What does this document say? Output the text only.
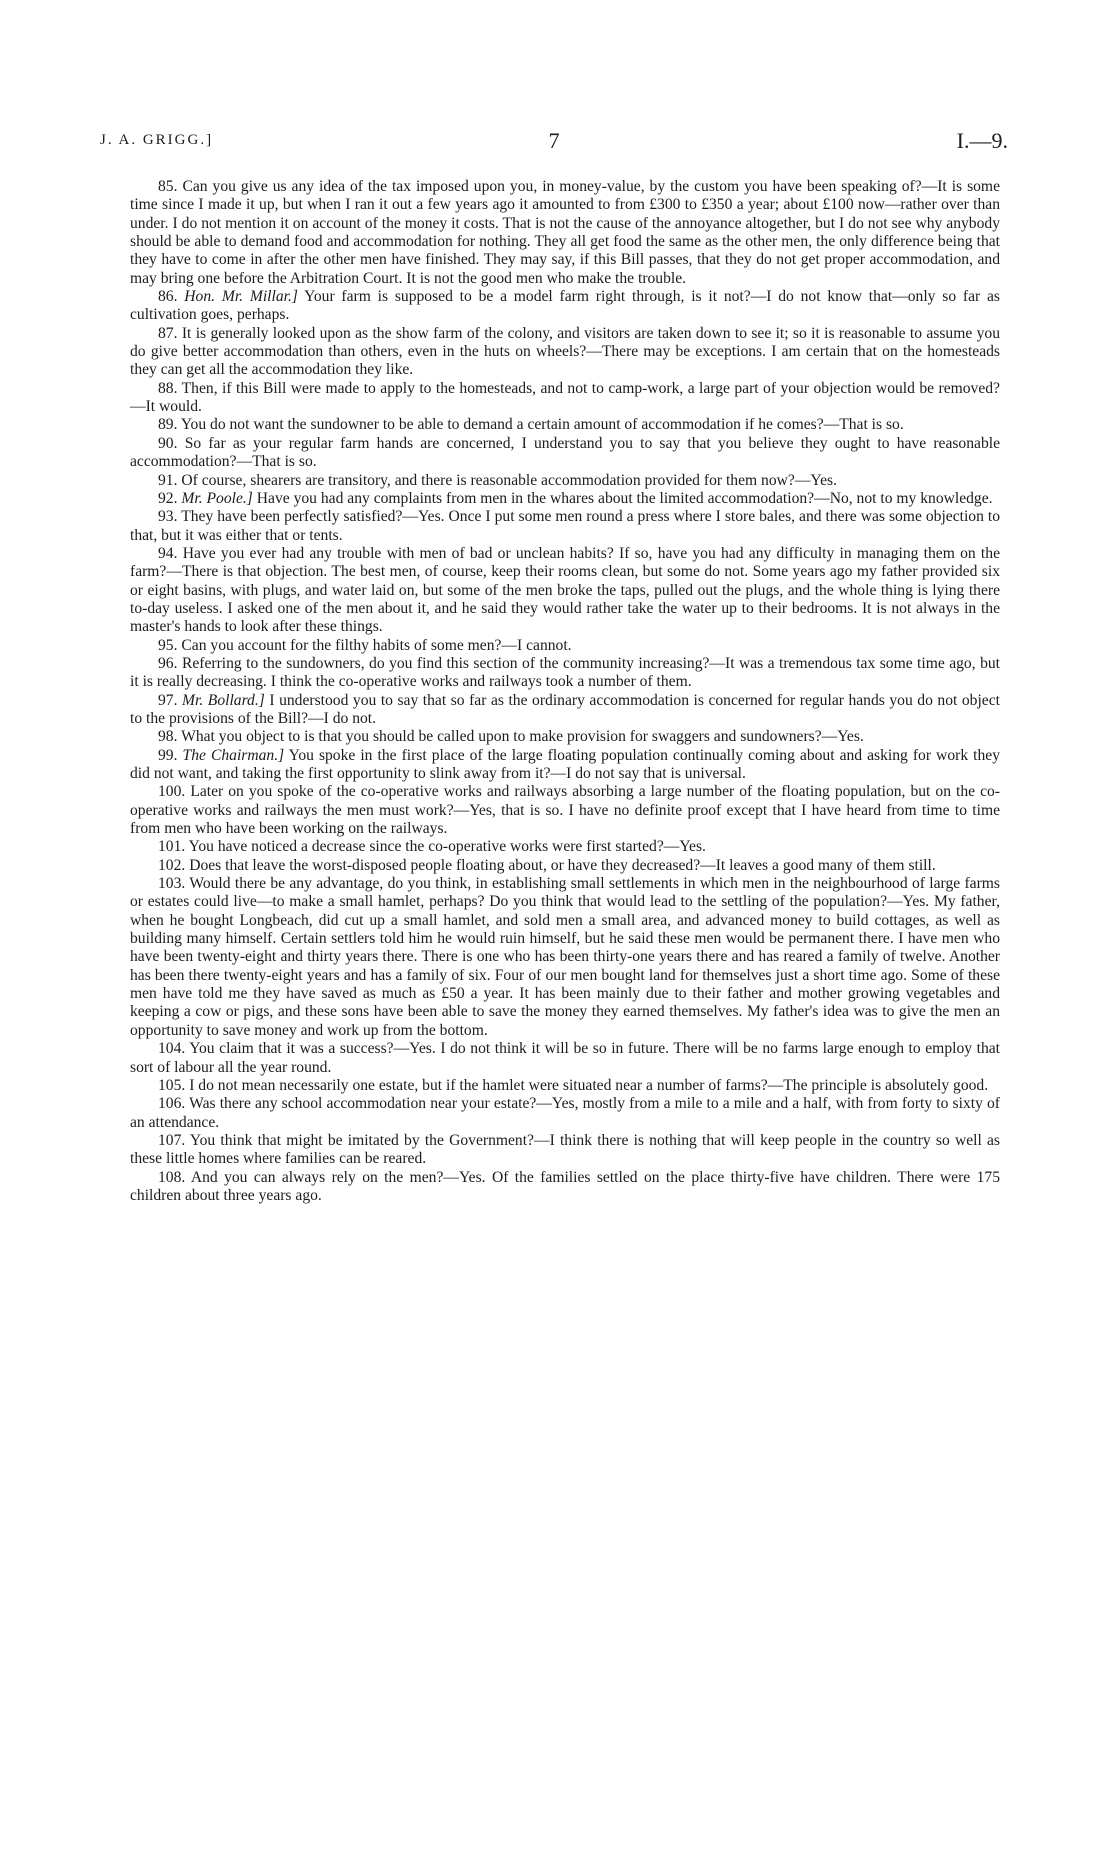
J. A. GRIGG.]	7	I.—9.

85. Can you give us any idea of the tax imposed upon you, in money-value, by the custom you have been speaking of?—It is some time since I made it up, but when I ran it out a few years ago it amounted to from £300 to £350 a year; about £100 now—rather over than under. I do not mention it on account of the money it costs. That is not the cause of the annoyance altogether, but I do not see why anybody should be able to demand food and accommodation for nothing. They all get food the same as the other men, the only difference being that they have to come in after the other men have finished. They may say, if this Bill passes, that they do not get proper accommodation, and may bring one before the Arbitration Court. It is not the good men who make the trouble.

86. Hon. Mr. Millar.] Your farm is supposed to be a model farm right through, is it not?—I do not know that—only so far as cultivation goes, perhaps.

87. It is generally looked upon as the show farm of the colony, and visitors are taken down to see it; so it is reasonable to assume you do give better accommodation than others, even in the huts on wheels?—There may be exceptions. I am certain that on the homesteads they can get all the accommodation they like.

88. Then, if this Bill were made to apply to the homesteads, and not to camp-work, a large part of your objection would be removed?—It would.

89. You do not want the sundowner to be able to demand a certain amount of accommodation if he comes?—That is so.

90. So far as your regular farm hands are concerned, I understand you to say that you believe they ought to have reasonable accommodation?—That is so.

91. Of course, shearers are transitory, and there is reasonable accommodation provided for them now?—Yes.

92. Mr. Poole.] Have you had any complaints from men in the whares about the limited accommodation?—No, not to my knowledge.

93. They have been perfectly satisfied?—Yes. Once I put some men round a press where I store bales, and there was some objection to that, but it was either that or tents.

94. Have you ever had any trouble with men of bad or unclean habits? If so, have you had any difficulty in managing them on the farm?—There is that objection. The best men, of course, keep their rooms clean, but some do not. Some years ago my father provided six or eight basins, with plugs, and water laid on, but some of the men broke the taps, pulled out the plugs, and the whole thing is lying there to-day useless. I asked one of the men about it, and he said they would rather take the water up to their bedrooms. It is not always in the master's hands to look after these things.

95. Can you account for the filthy habits of some men?—I cannot.

96. Referring to the sundowners, do you find this section of the community increasing?—It was a tremendous tax some time ago, but it is really decreasing. I think the co-operative works and railways took a number of them.

97. Mr. Bollard.] I understood you to say that so far as the ordinary accommodation is concerned for regular hands you do not object to the provisions of the Bill?—I do not.

98. What you object to is that you should be called upon to make provision for swaggers and sundowners?—Yes.

99. The Chairman.] You spoke in the first place of the large floating population continually coming about and asking for work they did not want, and taking the first opportunity to slink away from it?—I do not say that is universal.

100. Later on you spoke of the co-operative works and railways absorbing a large number of the floating population, but on the co-operative works and railways the men must work?—Yes, that is so. I have no definite proof except that I have heard from time to time from men who have been working on the railways.

101. You have noticed a decrease since the co-operative works were first started?—Yes.

102. Does that leave the worst-disposed people floating about, or have they decreased?—It leaves a good many of them still.

103. Would there be any advantage, do you think, in establishing small settlements in which men in the neighbourhood of large farms or estates could live—to make a small hamlet, perhaps? Do you think that would lead to the settling of the population?—Yes. My father, when he bought Longbeach, did cut up a small hamlet, and sold men a small area, and advanced money to build cottages, as well as building many himself. Certain settlers told him he would ruin himself, but he said these men would be permanent there. I have men who have been twenty-eight and thirty years there. There is one who has been thirty-one years there and has reared a family of twelve. Another has been there twenty-eight years and has a family of six. Four of our men bought land for themselves just a short time ago. Some of these men have told me they have saved as much as £50 a year. It has been mainly due to their father and mother growing vegetables and keeping a cow or pigs, and these sons have been able to save the money they earned themselves. My father's idea was to give the men an opportunity to save money and work up from the bottom.

104. You claim that it was a success?—Yes. I do not think it will be so in future. There will be no farms large enough to employ that sort of labour all the year round.

105. I do not mean necessarily one estate, but if the hamlet were situated near a number of farms?—The principle is absolutely good.

106. Was there any school accommodation near your estate?—Yes, mostly from a mile to a mile and a half, with from forty to sixty of an attendance.

107. You think that might be imitated by the Government?—I think there is nothing that will keep people in the country so well as these little homes where families can be reared.

108. And you can always rely on the men?—Yes. Of the families settled on the place thirty-five have children. There were 175 children about three years ago.
